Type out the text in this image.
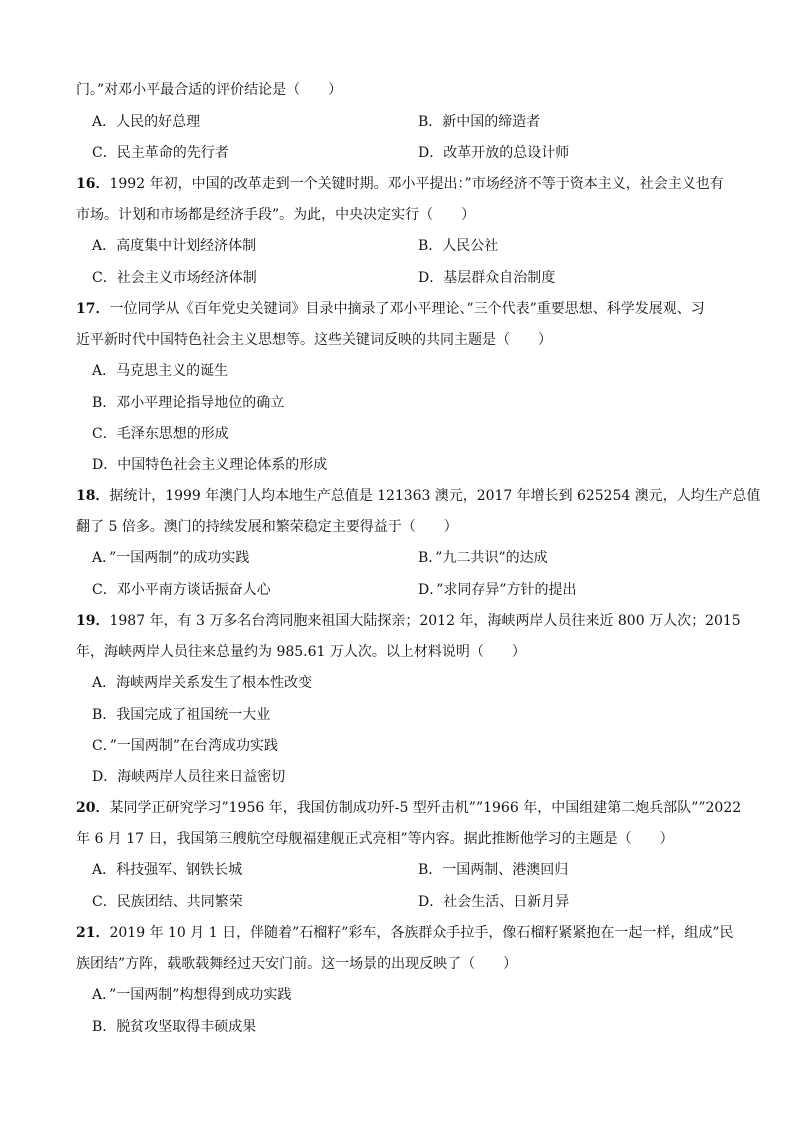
门。”对邓小平最合适的评价结论是（　　）
A．人民的好总理	B．新中国的缔造者
C．民主革命的先行者	D．改革开放的总设计师
16．1992 年初，中国的改革走到一个关键时期。邓小平提出：”市场经济不等于资本主义，社会主义也有
市场。计划和市场都是经济手段”。为此，中央决定实行（　　）
A．高度集中计划经济体制	B．人民公社
C．社会主义市场经济体制	D．基层群众自治制度
17．一位同学从《百年党史关键词》目录中摘录了邓小平理论、”三个代表”重要思想、科学发展观、习
近平新时代中国特色社会主义思想等。这些关键词反映的共同主题是（　　）
A．马克思主义的诞生
B．邓小平理论指导地位的确立
C．毛泽东思想的形成
D．中国特色社会主义理论体系的形成
18．据统计，1999 年澳门人均本地生产总值是 121363 澳元，2017 年增长到 625254 澳元，人均生产总值
翻了 5 倍多。澳门的持续发展和繁荣稳定主要得益于（　　）
A．”一国两制”的成功实践	B．”九二共识”的达成
C．邓小平南方谈话振奋人心	D．”求同存异”方针的提出
19．1987 年，有 3 万多名台湾同胞来祖国大陆探亲；2012 年，海峡两岸人员往来近 800 万人次；2015
年，海峡两岸人员往来总量约为 985.61 万人次。以上材料说明（　　）
A．海峡两岸关系发生了根本性改变
B．我国完成了祖国统一大业
C．”一国两制”在台湾成功实践
D．海峡两岸人员往来日益密切
20．某同学正研究学习”1956 年，我国仿制成功歼-5 型歼击机””1966 年，中国组建第二炮兵部队””2022
年 6 月 17 日，我国第三艘航空母舰福建舰正式亮相”等内容。据此推断他学习的主题是（　　）
A．科技强军、钢铁长城	B．一国两制、港澳回归
C．民族团结、共同繁荣	D．社会生活、日新月异
21．2019 年 10 月 1 日，伴随着”石榴籽”彩车，各族群众手拉手，像石榴籽紧紧抱在一起一样，组成”民
族团结”方阵，载歌载舞经过天安门前。这一场景的出现反映了（　　）
A．”一国两制”构想得到成功实践
B．脱贫攻坚取得丰硕成果
